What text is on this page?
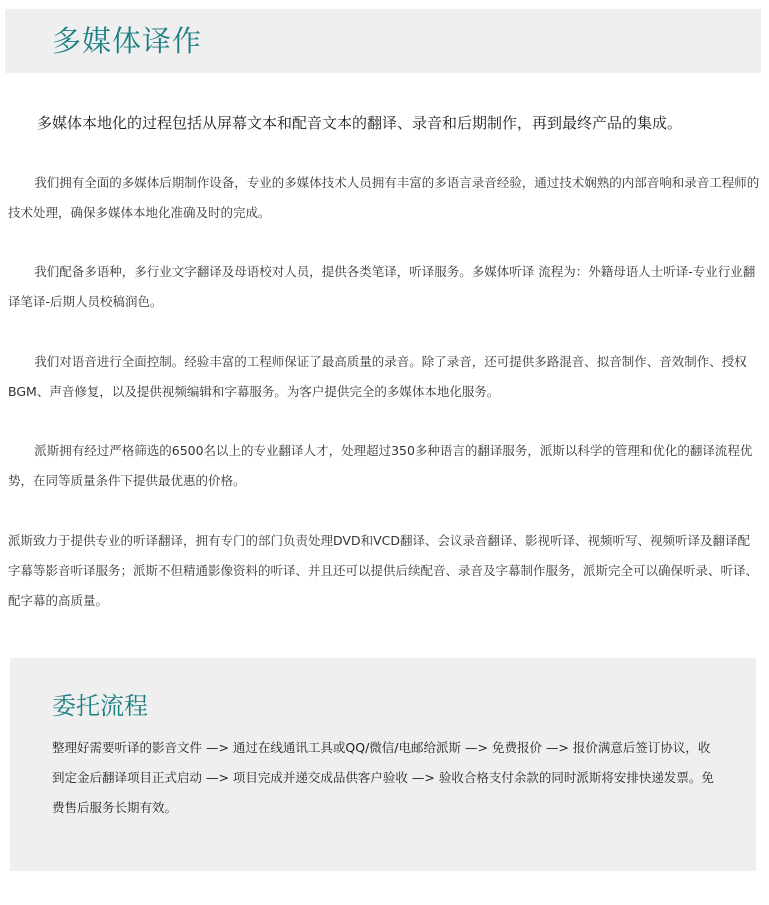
多媒体译作

多媒体本地化的过程包括从屏幕文本和配音文本的翻译、录音和后期制作，再到最终产品的集成。

我们拥有全面的多媒体后期制作设备，专业的多媒体技术人员拥有丰富的多语言录音经验，通过技术娴熟的内部音响和录音工程师的技术处理，确保多媒体本地化准确及时的完成。

我们配备多语种，多行业文字翻译及母语校对人员，提供各类笔译，听译服务。多媒体听译 流程为：外籍母语人士听译-专业行业翻译笔译-后期人员校稿润色。

我们对语音进行全面控制。经验丰富的工程师保证了最高质量的录音。除了录音，还可提供多路混音、拟音制作、音效制作、授权BGM、声音修复，以及提供视频编辑和字幕服务。为客户提供完全的多媒体本地化服务。

派斯拥有经过严格筛选的6500名以上的专业翻译人才，处理超过350多种语言的翻译服务，派斯以科学的管理和优化的翻译流程优势，在同等质量条件下提供最优惠的价格。

派斯致力于提供专业的听译翻译，拥有专门的部门负责处理DVD和VCD翻译、会议录音翻译、影视听译、视频听写、视频听译及翻译配字幕等影音听译服务；派斯不但精通影像资料的听译、并且还可以提供后续配音、录音及字幕制作服务，派斯完全可以确保听录、听译、配字幕的高质量。

委托流程

整理好需要听译的影音文件 —> 通过在线通讯工具或QQ/微信/电邮给派斯 —> 免费报价 —> 报价满意后签订协议，收到定金后翻译项目正式启动 —> 项目完成并递交成品供客户验收 —> 验收合格支付余款的同时派斯将安排快递发票。免费售后服务长期有效。
